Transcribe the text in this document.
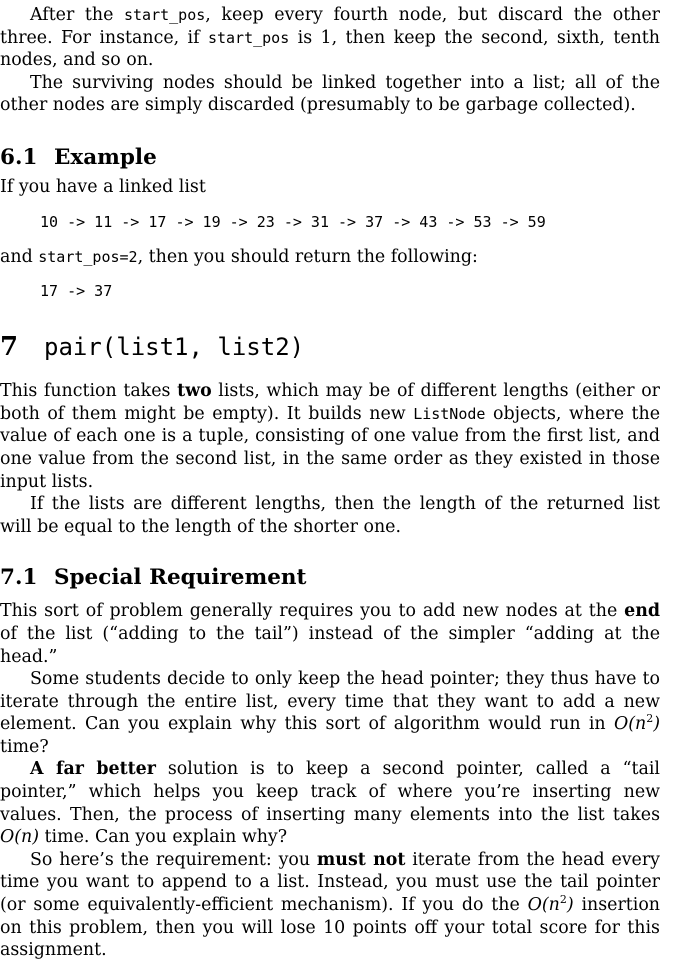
After the start_pos, keep every fourth node, but discard the other three. For instance, if start_pos is 1, then keep the second, sixth, tenth nodes, and so on.

The surviving nodes should be linked together into a list; all of the other nodes are simply discarded (presumably to be garbage collected).

6.1 Example

If you have a linked list

10 -> 11 -> 17 -> 19 -> 23 -> 31 -> 37 -> 43 -> 53 -> 59

and start_pos=2, then you should return the following:

17 -> 37
7 pair(list1, list2)

This function takes two lists, which may be of different lengths (either or both of them might be empty). It builds new ListNode objects, where the value of each one is a tuple, consisting of one value from the first list, and one value from the second list, in the same order as they existed in those input lists.

If the lists are different lengths, then the length of the returned list will be equal to the length of the shorter one.

7.1 Special Requirement

This sort of problem generally requires you to add new nodes at the end of the list (“adding to the tail”) instead of the simpler “adding at the head.”

Some students decide to only keep the head pointer; they thus have to iterate through the entire list, every time that they want to add a new element. Can you explain why this sort of algorithm would run in $O(n^2)$ time?

A far better solution is to keep a second pointer, called a “tail pointer,” which helps you keep track of where you’re inserting new values. Then, the process of inserting many elements into the list takes O(n) time. Can you explain why?

So here’s the requirement: you must not iterate from the head every time you want to append to a list. Instead, you must use the tail pointer (or some equivalently-efficient mechanism). If you do the $O(n^2)$ insertion on this problem, then you will lose 10 points off your total score for this assignment.
